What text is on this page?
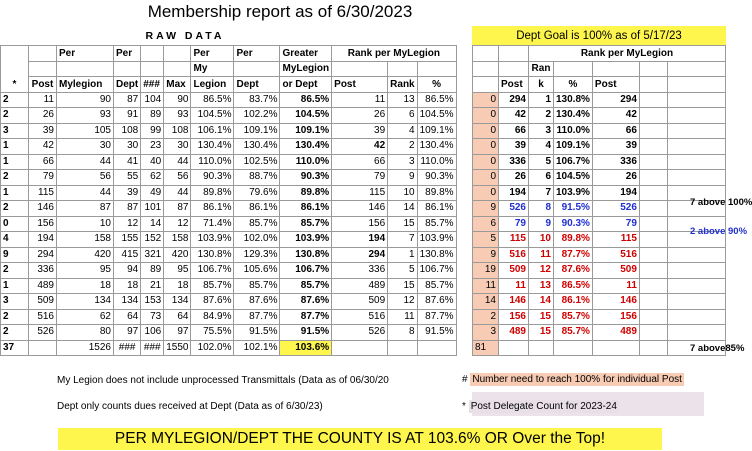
Membership report as of 6/30/2023
RAW DATA	Dept Goal is 100% as of 5/17/23
*		Per	Per			Per	Per	Greater	Rank per MyLegion		
						My		MyLegion			
	Post	Mylegion	Dept	###	Max	Legion	Dept	or Dept	Post	Rank	%
2	11	90	87	104	90	86.5%	83.7%	86.5%	11	13	86.5%
2	26	93	91	89	93	104.5%	102.2%	104.5%	26	6	104.5%
3	39	105	108	99	108	106.1%	109.1%	109.1%	39	4	109.1%
1	42	30	30	23	30	130.4%	130.4%	130.4%	42	2	130.4%
1	66	44	41	40	44	110.0%	102.5%	110.0%	66	3	110.0%
2	79	56	55	62	56	90.3%	88.7%	90.3%	79	9	90.3%
1	115	44	39	49	44	89.8%	79.6%	89.8%	115	10	89.8%
2	146	87	87	101	87	86.1%	86.1%	86.1%	146	14	86.1%
0	156	10	12	14	12	71.4%	85.7%	85.7%	156	15	85.7%
4	194	158	155	152	158	103.9%	102.0%	103.9%	194	7	103.9%
9	294	420	415	321	420	130.8%	129.3%	130.8%	294	1	130.8%
2	336	95	94	89	95	106.7%	105.6%	106.7%	336	5	106.7%
1	489	18	18	21	18	85.7%	85.7%	85.7%	489	15	85.7%
3	509	134	134	153	134	87.6%	87.6%	87.6%	509	12	87.6%
2	516	62	64	73	64	84.9%	87.7%	87.7%	516	11	87.7%
2	526	80	97	106	97	75.5%	91.5%	91.5%	526	8	91.5%
37		1526	###	###	1550	102.0%	102.1%	103.6%			
		Rank per MyLegion				
		Ran				
	Post	k	%	Post		
0	294	1	130.8%	294		
0	42	2	130.4%	42		
0	66	3	110.0%	66		
0	39	4	109.1%	39		
0	336	5	106.7%	336		
0	26	6	104.5%	26		
0	194	7	103.9%	194		
9	526	8	91.5%	526		
6	79	9	90.3%	79		
5	115	10	89.8%	115		
9	516	11	87.7%	516		
19	509	12	87.6%	509		
11	11	13	86.5%	11		
14	146	14	86.1%	146		
2	156	15	85.7%	156		
3	489	15	85.7%	489		
81						
7 above 100%
2 above 90%
7 above85%
My Legion does not include unprocessed Transmittals (Data as of 06/30/20
Dept only counts dues received at Dept (Data as of 6/30/23)
# Number need to reach 100% for individual Post
* Post Delegate Count for 2023-24
PER MYLEGION/DEPT THE COUNTY IS AT 103.6% OR Over the Top!
